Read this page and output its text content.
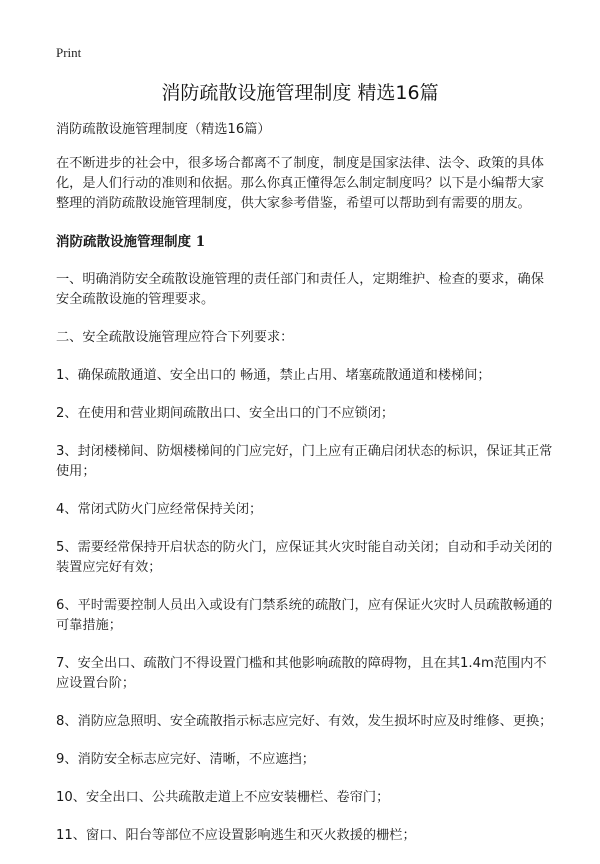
Print
消防疏散设施管理制度 精选16篇

消防疏散设施管理制度（精选16篇）

在不断进步的社会中，很多场合都离不了制度，制度是国家法律、法令、政策的具体化，是人们行动的准则和依据。那么你真正懂得怎么制定制度吗？以下是小编帮大家整理的消防疏散设施管理制度，供大家参考借鉴，希望可以帮助到有需要的朋友。

消防疏散设施管理制度 1

一、明确消防安全疏散设施管理的责任部门和责任人，定期维护、检查的要求，确保安全疏散设施的管理要求。

二、安全疏散设施管理应符合下列要求：

1、确保疏散通道、安全出口的 畅通，禁止占用、堵塞疏散通道和楼梯间；

2、在使用和营业期间疏散出口、安全出口的门不应锁闭；

3、封闭楼梯间、防烟楼梯间的门应完好，门上应有正确启闭状态的标识，保证其正常使用；

4、常闭式防火门应经常保持关闭；

5、需要经常保持开启状态的防火门，应保证其火灾时能自动关闭；自动和手动关闭的装置应完好有效；

6、平时需要控制人员出入或设有门禁系统的疏散门，应有保证火灾时人员疏散畅通的可靠措施；

7、安全出口、疏散门不得设置门槛和其他影响疏散的障碍物，且在其1.4m范围内不应设置台阶；

8、消防应急照明、安全疏散指示标志应完好、有效，发生损坏时应及时维修、更换；

9、消防安全标志应完好、清晰，不应遮挡；

10、安全出口、公共疏散走道上不应安装栅栏、卷帘门；

11、窗口、阳台等部位不应设置影响逃生和灭火救援的栅栏；
